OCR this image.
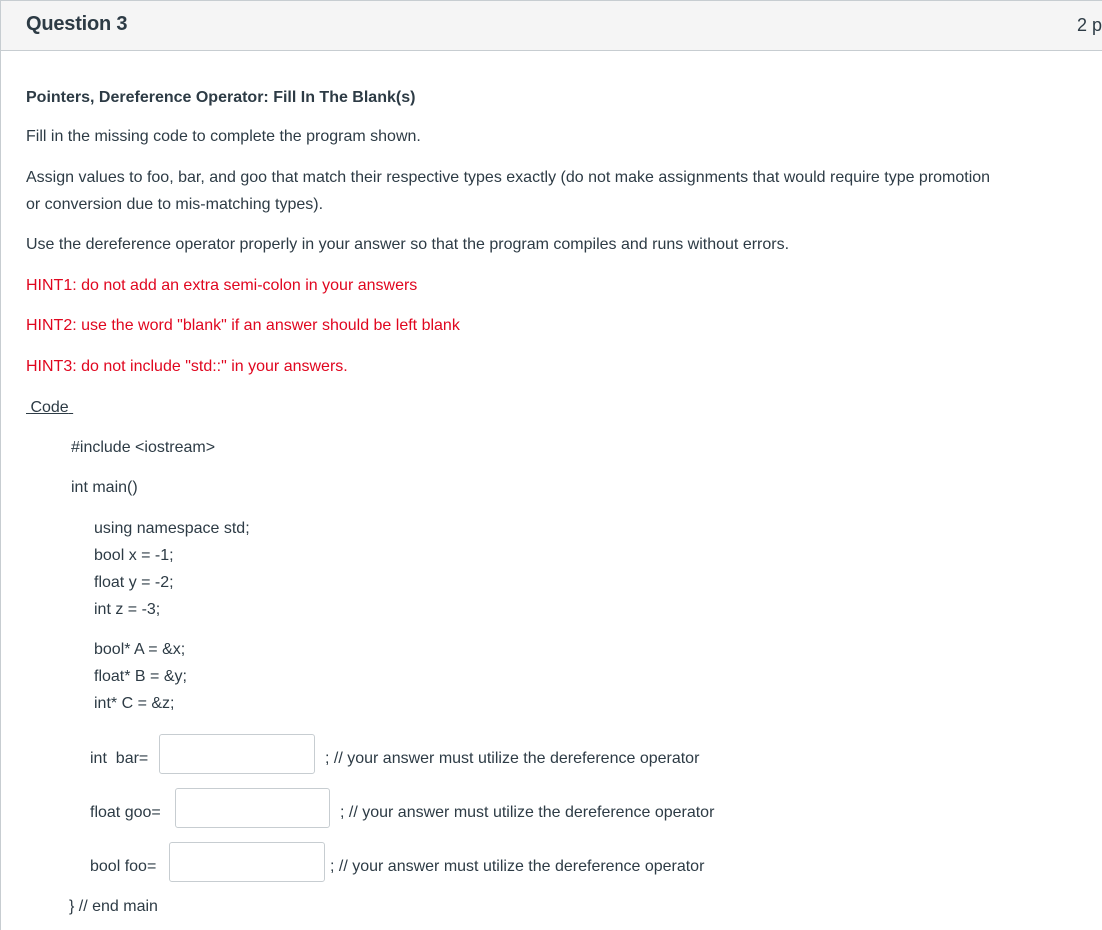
Question 3	2 p
Pointers, Dereference Operator: Fill In The Blank(s)
Fill in the missing code to complete the program shown.
Assign values to foo, bar, and goo that match their respective types exactly (do not make assignments that would require type promotion
or conversion due to mis-matching types).
Use the dereference operator properly in your answer so that the program compiles and runs without errors.
HINT1: do not add an extra semi-colon in your answers
HINT2: use the word "blank" if an answer should be left blank
HINT3: do not include "std::" in your answers.
Code
#include <iostream>
int main()
using namespace std;
bool x = -1;
float y = -2;
int z = -3;
bool* A = &x;
float* B = &y;
int* C = &z;
int  bar=	; // your answer must utilize the dereference operator
float goo=	; // your answer must utilize the dereference operator
bool foo=	; // your answer must utilize the dereference operator
} // end main
